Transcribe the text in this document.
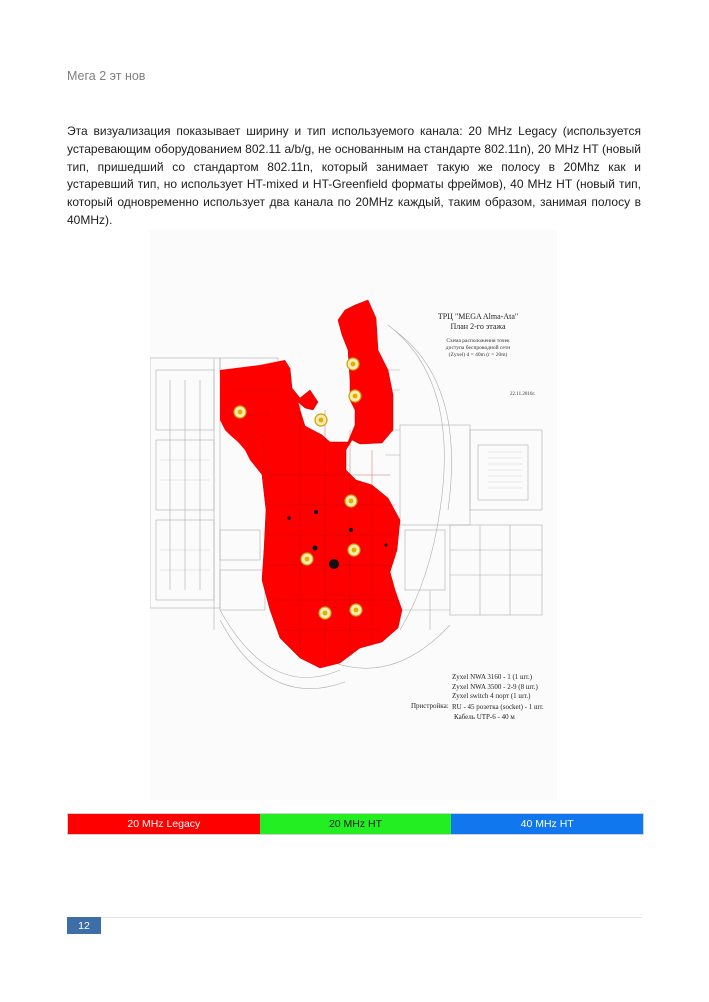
Мега 2 эт нов
Эта визуализация показывает ширину и тип используемого канала: 20 MHz Legacy (используется устаревающим оборудованием 802.11 a/b/g, не основанным на стандарте 802.11n), 20 MHz HT (новый тип, пришедший со стандартом 802.11n, который занимает такую же полосу в 20Mhz как и устаревший тип, но использует HT-mixed и HT-Greenfield форматы фреймов), 40 MHz HT (новый тип, который одновременно использует два канала по 20MHz каждый, таким образом, занимая полосу в 40MHz).
ТРЦ "MEGA Alma-Ata"
План 2-го этажа
Схема расположения точек
доступа беспроводной сети
(Zyxel) d = 40m (r = 20m)
22.11.2016г.
Zyxel NWA 3160 - 1 (1 шт.)
Zyxel NWA 3500 - 2-9 (8 шт.)
Zyxel switch 4 порт (1 шт.)
Пристройка: RU - 45 розетка (socket) - 1 шт.
Кабель UTP-6 - 40 м
20 MHz Legacy	20 MHz HT	40 MHz HT
12
